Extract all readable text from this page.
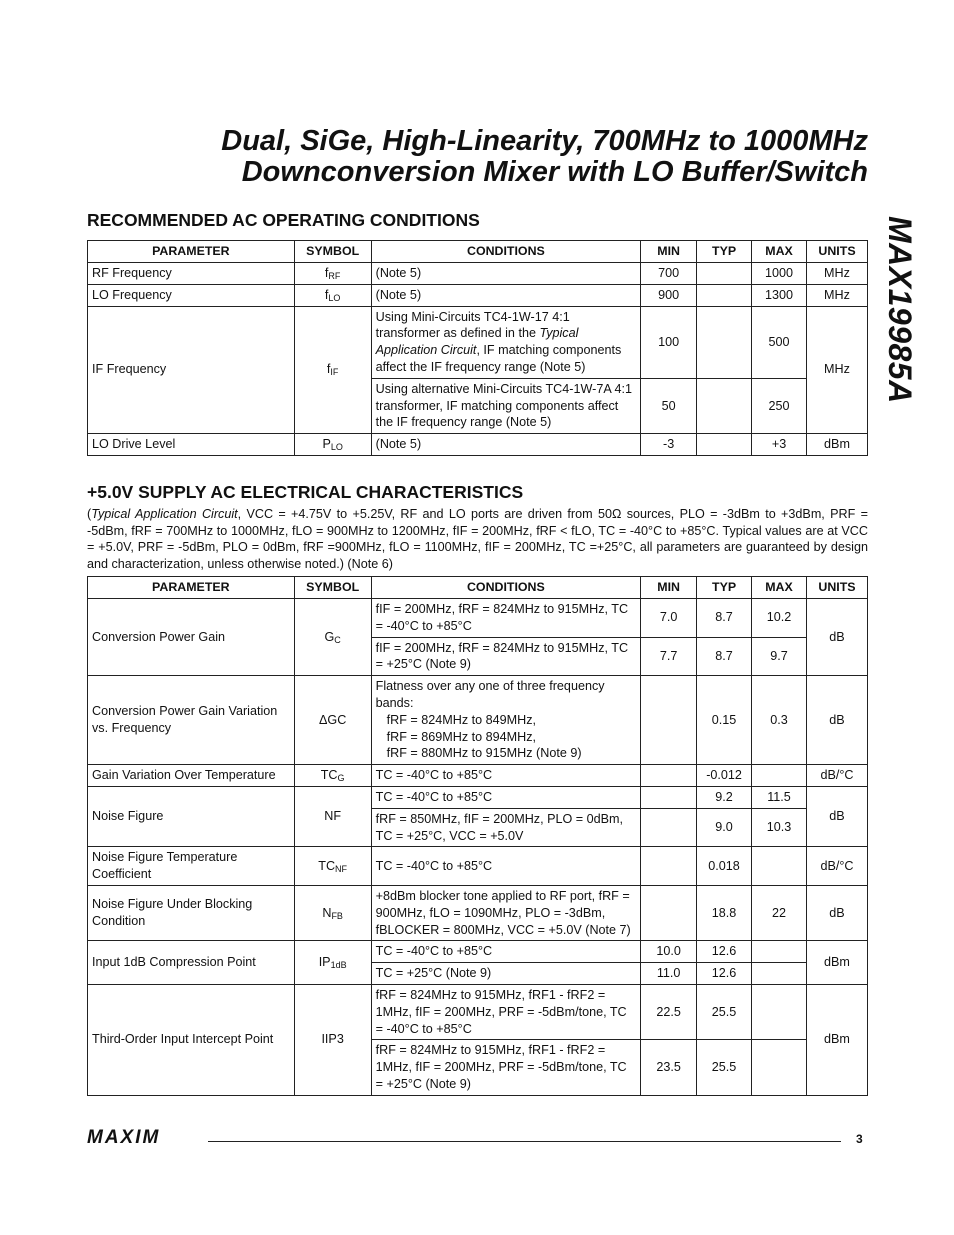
Dual, SiGe, High-Linearity, 700MHz to 1000MHz
Downconversion Mixer with LO Buffer/Switch
MAX19985A
RECOMMENDED AC OPERATING CONDITIONS
PARAMETER	SYMBOL	CONDITIONS	MIN	TYP	MAX	UNITS
RF Frequency	$f_{RF}$	(Note 5)	700		1000	MHz
LO Frequency	$f_{LO}$	(Note 5)	900		1300	MHz
IF Frequency	$f_{IF}$	Using Mini-Circuits TC4-1W-17 4:1 transformer as defined in the Typical Application Circuit, IF matching components affect the IF frequency range (Note 5)	100		500	MHz
		Using alternative Mini-Circuits TC4-1W-7A 4:1 transformer, IF matching components affect the IF frequency range (Note 5)	50		250	
LO Drive Level	$P_{LO}$	(Note 5)	-3		+3	dBm
+5.0V SUPPLY AC ELECTRICAL CHARACTERISTICS
(Typical Application Circuit, VCC = +4.75V to +5.25V, RF and LO ports are driven from 50Ω sources, PLO = -3dBm to +3dBm, PRF = -5dBm, fRF = 700MHz to 1000MHz, fLO = 900MHz to 1200MHz, fIF = 200MHz, fRF < fLO, TC = -40°C to +85°C. Typical values are at VCC = +5.0V, PRF = -5dBm, PLO = 0dBm, fRF =900MHz, fLO = 1100MHz, fIF = 200MHz, TC =+25°C, all parameters are guaranteed by design and characterization, unless otherwise noted.) (Note 6)
PARAMETER	SYMBOL	CONDITIONS	MIN	TYP	MAX	UNITS
Conversion Power Gain	$G_C$	fIF = 200MHz, fRF = 824MHz to 915MHz, TC = -40°C to +85°C	7.0	8.7	10.2	dB
		fIF = 200MHz, fRF = 824MHz to 915MHz, TC = +25°C (Note 9)	7.7	8.7	9.7	
Conversion Power Gain Variation vs. Frequency	ΔGC	Flatness over any one of three frequency bands:
fRF = 824MHz to 849MHz,
fRF = 869MHz to 894MHz,
fRF = 880MHz to 915MHz (Note 9)		0.15	0.3	dB
Gain Variation Over Temperature	$TC_G$	TC = -40°C to +85°C		-0.012		dB/°C
Noise Figure	NF	TC = -40°C to +85°C		9.2	11.5	dB
		fRF = 850MHz, fIF = 200MHz, PLO = 0dBm, TC = +25°C, VCC = +5.0V		9.0	10.3	
Noise Figure Temperature Coefficient	$TC_{NF}$	TC = -40°C to +85°C		0.018		dB/°C
Noise Figure Under Blocking Condition	$N_{FB}$	+8dBm blocker tone applied to RF port, fRF = 900MHz, fLO = 1090MHz, PLO = -3dBm, fBLOCKER = 800MHz, VCC = +5.0V (Note 7)		18.8	22	dB
Input 1dB Compression Point	$IP_{1dB}$	TC = -40°C to +85°C	10.0	12.6		dBm
		TC = +25°C (Note 9)	11.0	12.6		
Third-Order Input Intercept Point	IIP3	fRF = 824MHz to 915MHz, fRF1 - fRF2 = 1MHz, fIF = 200MHz, PRF = -5dBm/tone, TC = -40°C to +85°C	22.5	25.5		dBm
		fRF = 824MHz to 915MHz, fRF1 - fRF2 = 1MHz, fIF = 200MHz, PRF = -5dBm/tone, TC = +25°C (Note 9)	23.5	25.5		
MAXIM	3
